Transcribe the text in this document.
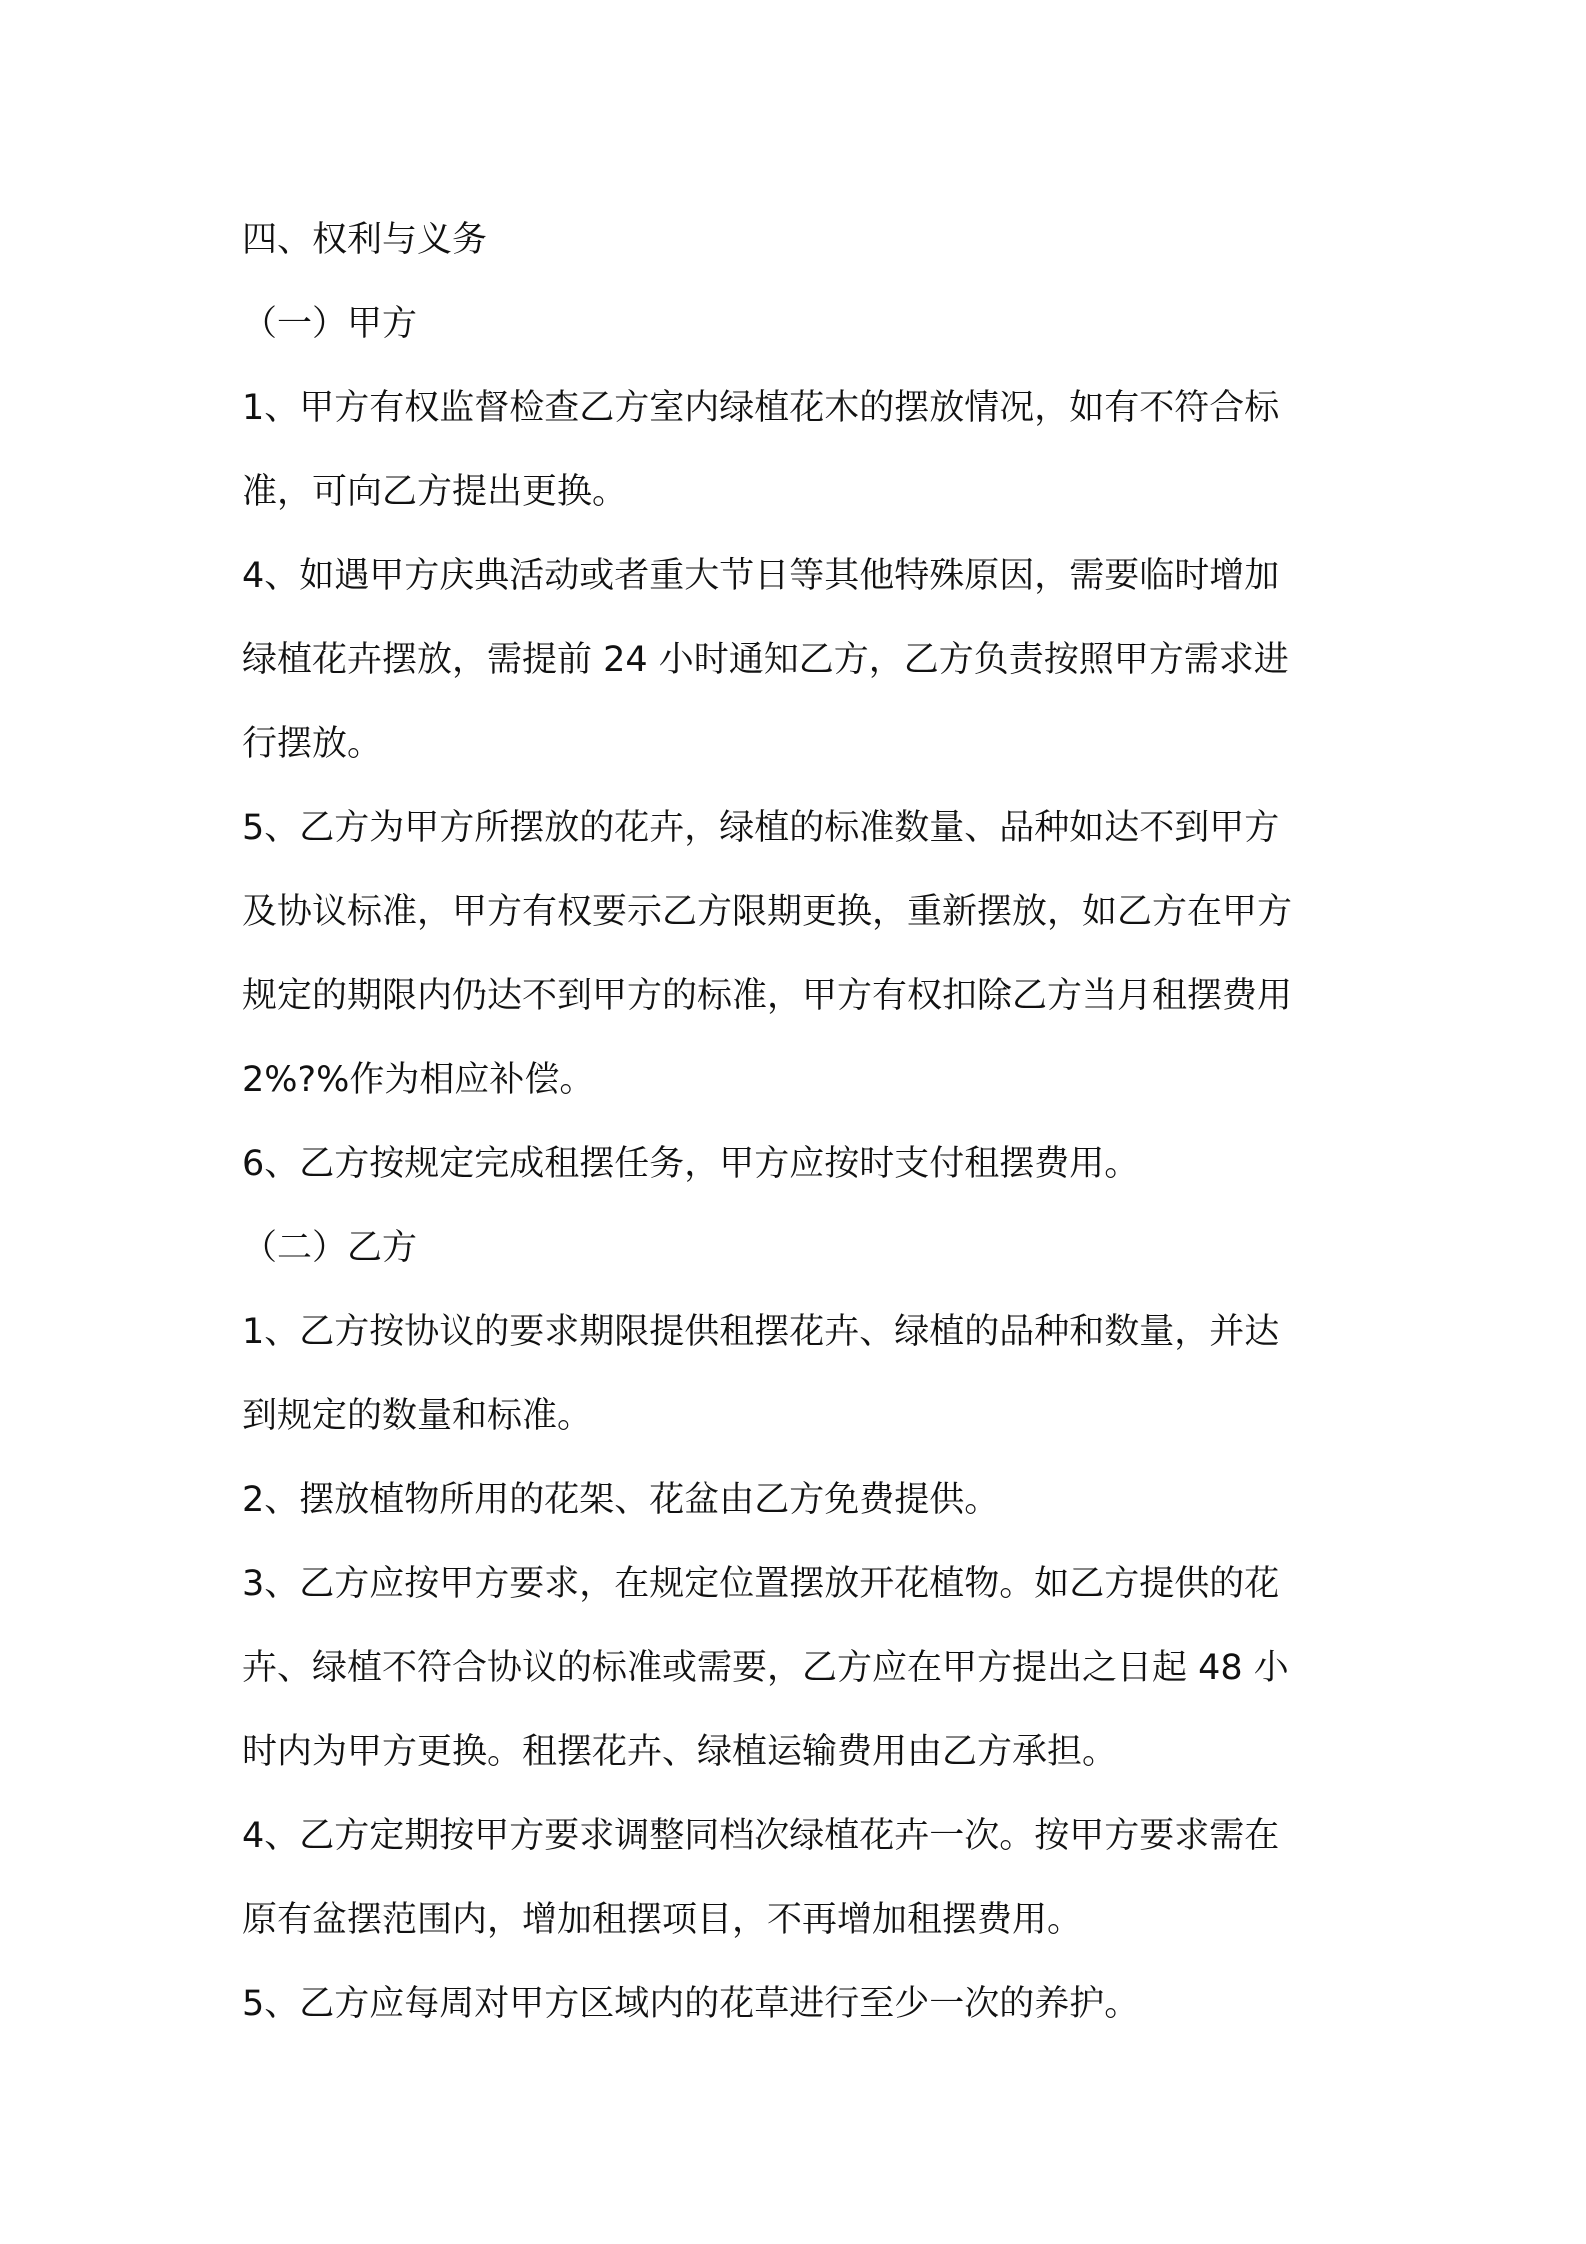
四、权利与义务
（一）甲方
1、甲方有权监督检查乙方室内绿植花木的摆放情况，如有不符合标
准，可向乙方提出更换。
4、如遇甲方庆典活动或者重大节日等其他特殊原因，需要临时增加
绿植花卉摆放，需提前 24 小时通知乙方，乙方负责按照甲方需求进
行摆放。
5、乙方为甲方所摆放的花卉，绿植的标准数量、品种如达不到甲方
及协议标准，甲方有权要示乙方限期更换，重新摆放，如乙方在甲方
规定的期限内仍达不到甲方的标准，甲方有权扣除乙方当月租摆费用
2%?%作为相应补偿。
6、乙方按规定完成租摆任务，甲方应按时支付租摆费用。
（二）乙方
1、乙方按协议的要求期限提供租摆花卉、绿植的品种和数量，并达
到规定的数量和标准。
2、摆放植物所用的花架、花盆由乙方免费提供。
3、乙方应按甲方要求，在规定位置摆放开花植物。如乙方提供的花
卉、绿植不符合协议的标准或需要，乙方应在甲方提出之日起 48 小
时内为甲方更换。租摆花卉、绿植运输费用由乙方承担。
4、乙方定期按甲方要求调整同档次绿植花卉一次。按甲方要求需在
原有盆摆范围内，增加租摆项目，不再增加租摆费用。
5、乙方应每周对甲方区域内的花草进行至少一次的养护。
